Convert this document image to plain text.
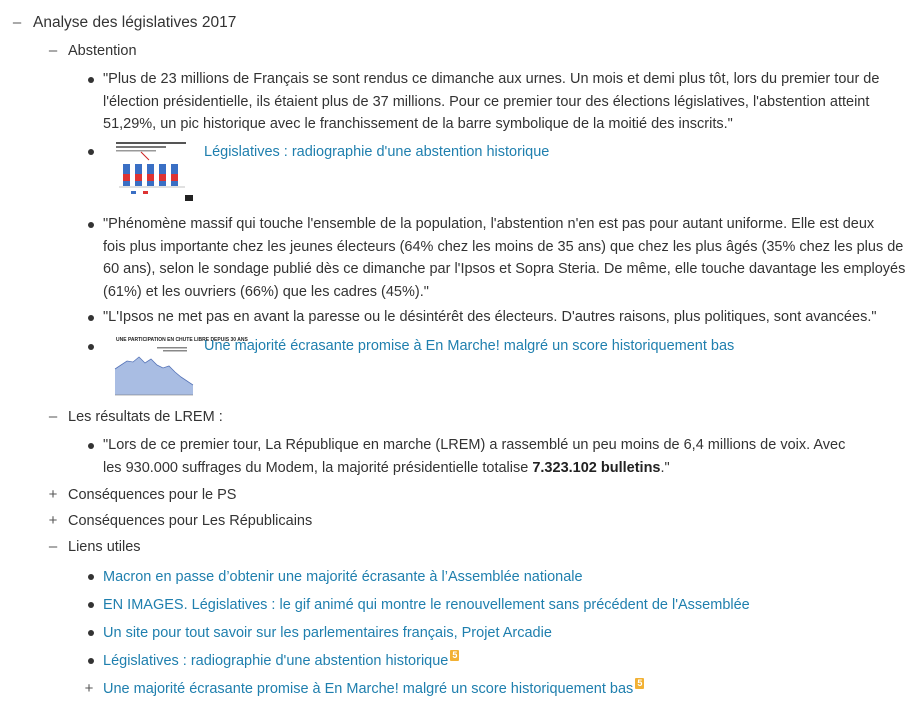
– Analyse des législatives 2017
– Abstention
"Plus de 23 millions de Français se sont rendus ce dimanche aux urnes. Un mois et demi plus tôt, lors du premier tour de
l'élection présidentielle, ils étaient plus de 37 millions. Pour ce premier tour des élections législatives, l'abstention atteint
51,29%, un pic historique avec le franchissement de la barre symbolique de la moitié des inscrits."
Législatives : radiographie d'une abstention historique
"Phénomène massif qui touche l'ensemble de la population, l'abstention n'en est pas pour autant uniforme. Elle est deux
fois plus importante chez les jeunes électeurs (64% chez les moins de 35 ans) que chez les plus âgés (35% chez les plus de
60 ans), selon le sondage publié dès ce dimanche par l'Ipsos et Sopra Steria. De même, elle touche davantage les employés
(61%) et les ouvriers (66%) que les cadres (45%)."
"L'Ipsos ne met pas en avant la paresse ou le désintérêt des électeurs. D'autres raisons, plus politiques, sont avancées."
UNE PARTICIPATION EN CHUTE LIBRE DEPUIS 30 ANS
Une majorité écrasante promise à En Marche! malgré un score historiquement bas
– Les résultats de LREM :
"Lors de ce premier tour, La République en marche (LREM) a rassemblé un peu moins de 6,4 millions de voix. Avec
les 930.000 suffrages du Modem, la majorité présidentielle totalise 7.323.102 bulletins."
+ Conséquences pour le PS
+ Conséquences pour Les Républicains
– Liens utiles
Macron en passe d’obtenir une majorité écrasante à l’Assemblée nationale
EN IMAGES. Législatives : le gif animé qui montre le renouvellement sans précédent de l'Assemblée
Un site pour tout savoir sur les parlementaires français, Projet Arcadie
Législatives : radiographie d'une abstention historique 5
+ Une majorité écrasante promise à En Marche! malgré un score historiquement bas 5
